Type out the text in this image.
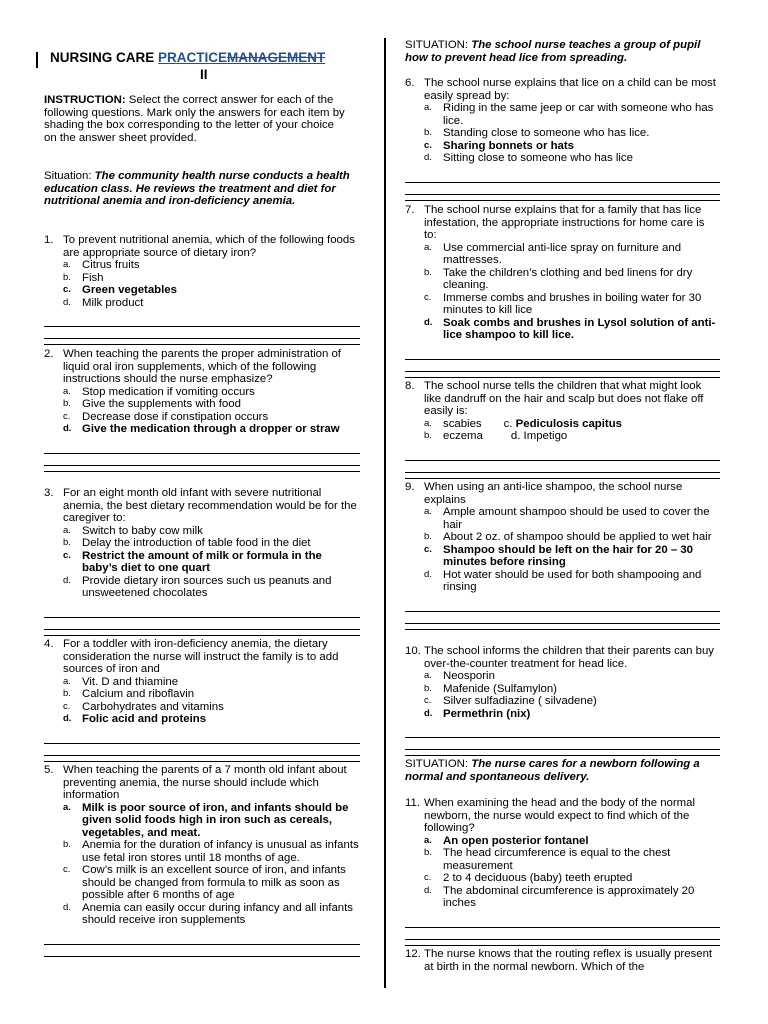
NURSING CARE PRACTICEMANAGEMENT
II
INSTRUCTION: Select the correct answer for each of the following questions. Mark only the answers for each item by shading the box corresponding to the letter of your choice
on the answer sheet provided.
Situation: The community health nurse conducts a health education class. He reviews the treatment and diet for nutritional anemia and iron-deficiency anemia.
1. To prevent nutritional anemia, which of the following foods are appropriate source of dietary iron?
a. Citrus fruits
b. Fish
c. Green vegetables
d. Milk product
2. When teaching the parents the proper administration of liquid oral iron supplements, which of the following instructions should the nurse emphasize?
a. Stop medication if vomiting occurs
b. Give the supplements with food
c. Decrease dose if constipation occurs
d. Give the medication through a dropper or straw
3. For an eight month old infant with severe nutritional anemia, the best dietary recommendation would be for the caregiver to:
a. Switch to baby cow milk
b. Delay the introduction of table food in the diet
c. Restrict the amount of milk or formula in the baby’s diet to one quart
d. Provide dietary iron sources such us peanuts and unsweetened chocolates
4. For a toddler with iron-deficiency anemia, the dietary consideration the nurse will instruct the family is to add sources of iron and
a. Vit. D and thiamine
b. Calcium and riboflavin
c. Carbohydrates and vitamins
d. Folic acid and proteins
5. When teaching the parents of a 7 month old infant about preventing anemia, the nurse should include which information
a. Milk is poor source of iron, and infants should be given solid foods high in iron such as cereals, vegetables, and meat.
b. Anemia for the duration of infancy is unusual as infants use fetal iron stores until 18 months of age.
c. Cow’s milk is an excellent source of iron, and infants should be changed from formula to milk as soon as possible after 6 months of age
d. Anemia can easily occur during infancy and all infants should receive iron supplements
SITUATION: The school nurse teaches a group of pupil how to prevent head lice from spreading.
6. The school nurse explains that lice on a child can be most easily spread by:
a. Riding in the same jeep or car with someone who has lice.
b. Standing close to someone who has lice.
c. Sharing bonnets or hats
d. Sitting close to someone who has lice
7. The school nurse explains that for a family that has lice infestation, the appropriate instructions for home care is to:
a. Use commercial anti-lice spray on furniture and mattresses.
b. Take the children’s clothing and bed linens for dry cleaning.
c. Immerse combs and brushes in boiling water for 30 minutes to kill lice
d. Soak combs and brushes in Lysol solution of anti-lice shampoo to kill lice.
8. The school nurse tells the children that what might look like dandruff on the hair and scalp but does not flake off easily is:
a. scabies c. Pediculosis capitus
b. eczema d. Impetigo
9. When using an anti-lice shampoo, the school nurse explains
a. Ample amount shampoo should be used to cover the hair
b. About 2 oz. of shampoo should be applied to wet hair
c. Shampoo should be left on the hair for 20 – 30 minutes before rinsing
d. Hot water should be used for both shampooing and rinsing
10. The school informs the children that their parents can buy over-the-counter treatment for head lice.
a. Neosporin
b. Mafenide (Sulfamylon)
c. Silver sulfadiazine ( silvadene)
d. Permethrin (nix)
SITUATION: The nurse cares for a newborn following a normal and spontaneous delivery.
11. When examining the head and the body of the normal newborn, the nurse would expect to find which of the following?
a. An open posterior fontanel
b. The head circumference is equal to the chest measurement
c. 2 to 4 deciduous (baby) teeth erupted
d. The abdominal circumference is approximately 20 inches
12. The nurse knows that the routing reflex is usually present at birth in the normal newborn. Which of the
